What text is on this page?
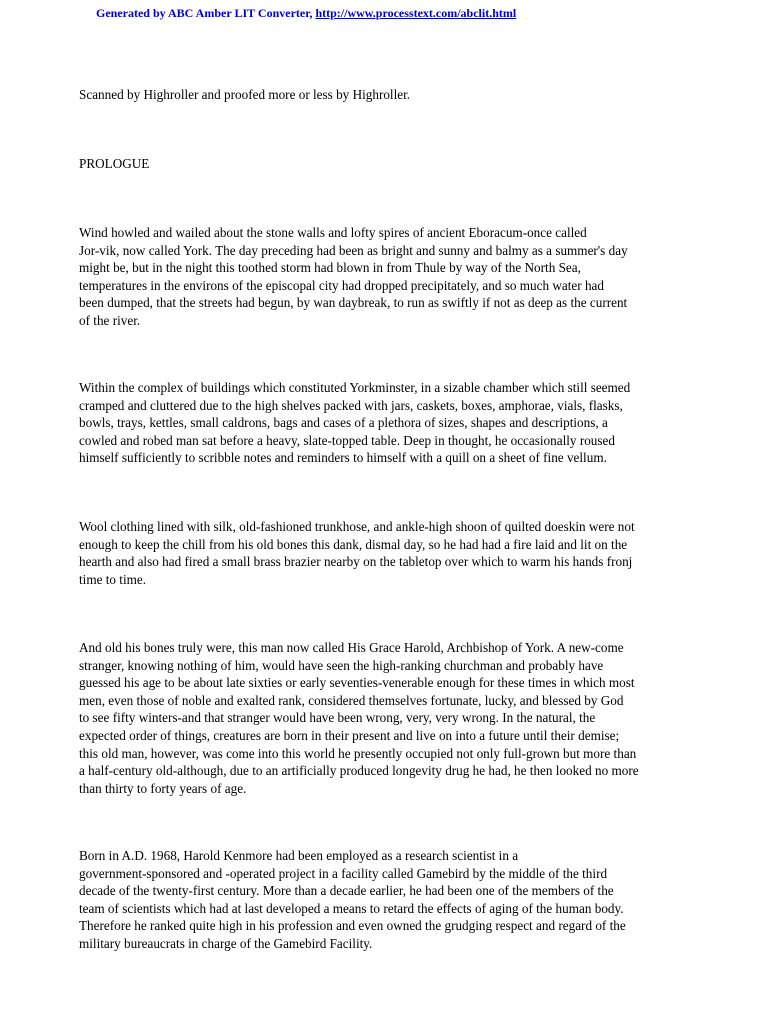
Generated by ABC Amber LIT Converter, http://www.processtext.com/abclit.html

Scanned by Highroller and proofed more or less by Highroller.

PROLOGUE

Wind howled and wailed about the stone walls and lofty spires of ancient Eboracum-once called
Jor-vik, now called York. The day preceding had been as bright and sunny and balmy as a summer's day
might be, but in the night this toothed storm had blown in from Thule by way of the North Sea,
temperatures in the environs of the episcopal city had dropped precipitately, and so much water had
been dumped, that the streets had begun, by wan daybreak, to run as swiftly if not as deep as the current
of the river.

Within the complex of buildings which constituted Yorkminster, in a sizable chamber which still seemed
cramped and cluttered due to the high shelves packed with jars, caskets, boxes, amphorae, vials, flasks,
bowls, trays, kettles, small caldrons, bags and cases of a plethora of sizes, shapes and descriptions, a
cowled and robed man sat before a heavy, slate-topped table. Deep in thought, he occasionally roused
himself sufficiently to scribble notes and reminders to himself with a quill on a sheet of fine vellum.

Wool clothing lined with silk, old-fashioned trunkhose, and ankle-high shoon of quilted doeskin were not
enough to keep the chill from his old bones this dank, dismal day, so he had had a fire laid and lit on the
hearth and also had fired a small brass brazier nearby on the tabletop over which to warm his hands fronj
time to time.

And old his bones truly were, this man now called His Grace Harold, Archbishop of York. A new-come
stranger, knowing nothing of him, would have seen the high-ranking churchman and probably have
guessed his age to be about late sixties or early seventies-venerable enough for these times in which most
men, even those of noble and exalted rank, considered themselves fortunate, lucky, and blessed by God
to see fifty winters-and that stranger would have been wrong, very, very wrong. In the natural, the
expected order of things, creatures are born in their present and live on into a future until their demise;
this old man, however, was come into this world he presently occupied not only full-grown but more than
a half-century old-although, due to an artificially produced longevity drug he had, he then looked no more
than thirty to forty years of age.

Born in A.D. 1968, Harold Kenmore had been employed as a research scientist in a
government-sponsored and -operated project in a facility called Gamebird by the middle of the third
decade of the twenty-first century. More than a decade earlier, he had been one of the members of the
team of scientists which had at last developed a means to retard the effects of aging of the human body.
Therefore he ranked quite high in his profession and even owned the grudging respect and regard of the
military bureaucrats in charge of the Gamebird Facility.
